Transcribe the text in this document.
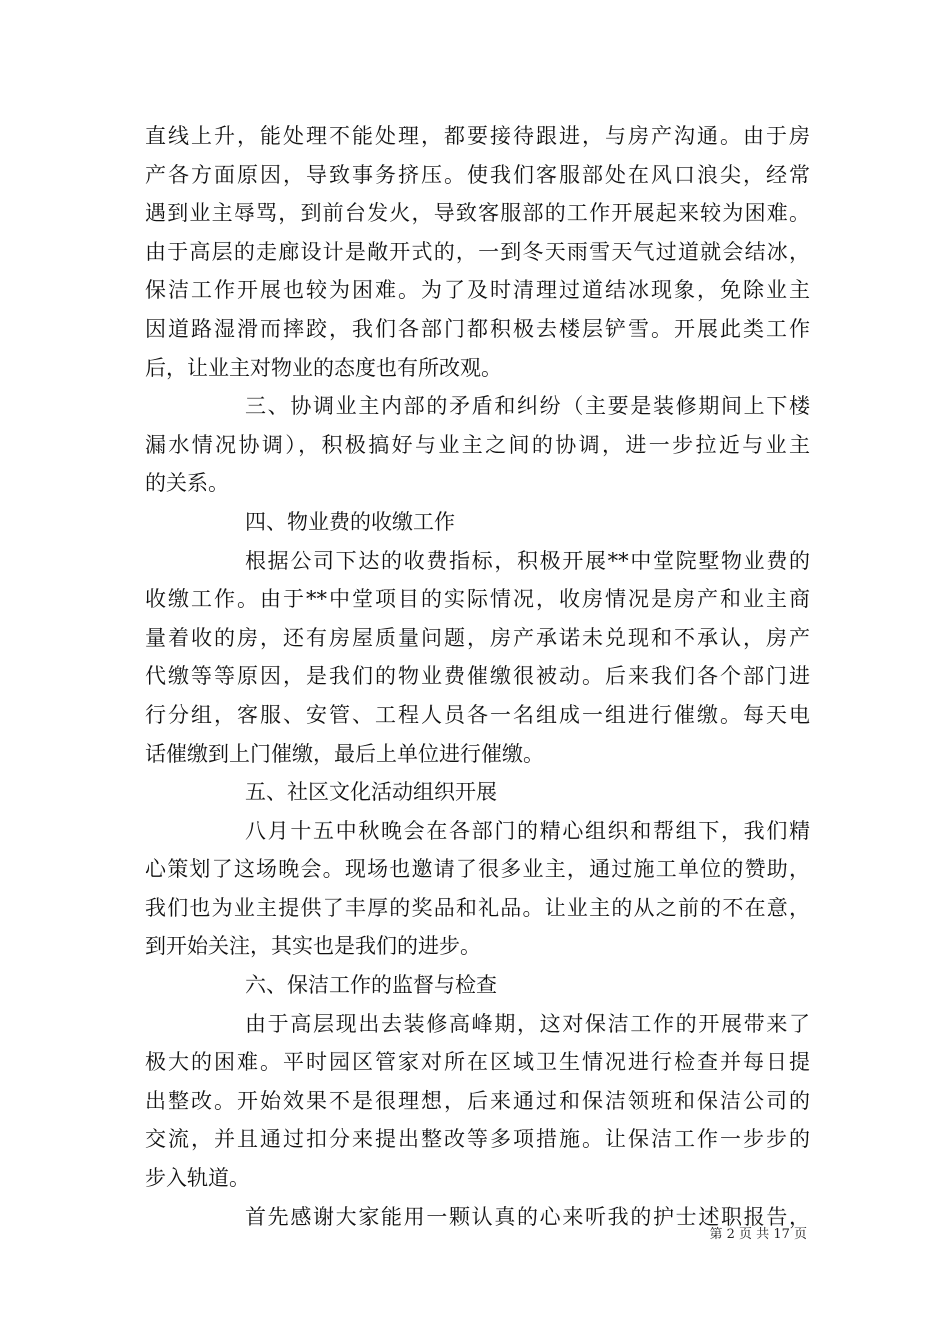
直线上升，能处理不能处理，都要接待跟进，与房产沟通。由于房
产各方面原因，导致事务挤压。使我们客服部处在风口浪尖，经常
遇到业主辱骂，到前台发火，导致客服部的工作开展起来较为困难。
由于高层的走廊设计是敞开式的，一到冬天雨雪天气过道就会结冰，
保洁工作开展也较为困难。为了及时清理过道结冰现象，免除业主
因道路湿滑而摔跤，我们各部门都积极去楼层铲雪。开展此类工作
后，让业主对物业的态度也有所改观。
三、协调业主内部的矛盾和纠纷（主要是装修期间上下楼
漏水情况协调），积极搞好与业主之间的协调，进一步拉近与业主
的关系。
四、物业费的收缴工作
根据公司下达的收费指标，积极开展**中堂院墅物业费的
收缴工作。由于**中堂项目的实际情况，收房情况是房产和业主商
量着收的房，还有房屋质量问题，房产承诺未兑现和不承认，房产
代缴等等原因，是我们的物业费催缴很被动。后来我们各个部门进
行分组，客服、安管、工程人员各一名组成一组进行催缴。每天电
话催缴到上门催缴，最后上单位进行催缴。
五、社区文化活动组织开展
八月十五中秋晚会在各部门的精心组织和帮组下，我们精
心策划了这场晚会。现场也邀请了很多业主，通过施工单位的赞助，
我们也为业主提供了丰厚的奖品和礼品。让业主的从之前的不在意，
到开始关注，其实也是我们的进步。
六、保洁工作的监督与检查
由于高层现出去装修高峰期，这对保洁工作的开展带来了
极大的困难。平时园区管家对所在区域卫生情况进行检查并每日提
出整改。开始效果不是很理想，后来通过和保洁领班和保洁公司的
交流，并且通过扣分来提出整改等多项措施。让保洁工作一步步的
步入轨道。
首先感谢大家能用一颗认真的心来听我的护士述职报告，
第 2 页 共 17 页
